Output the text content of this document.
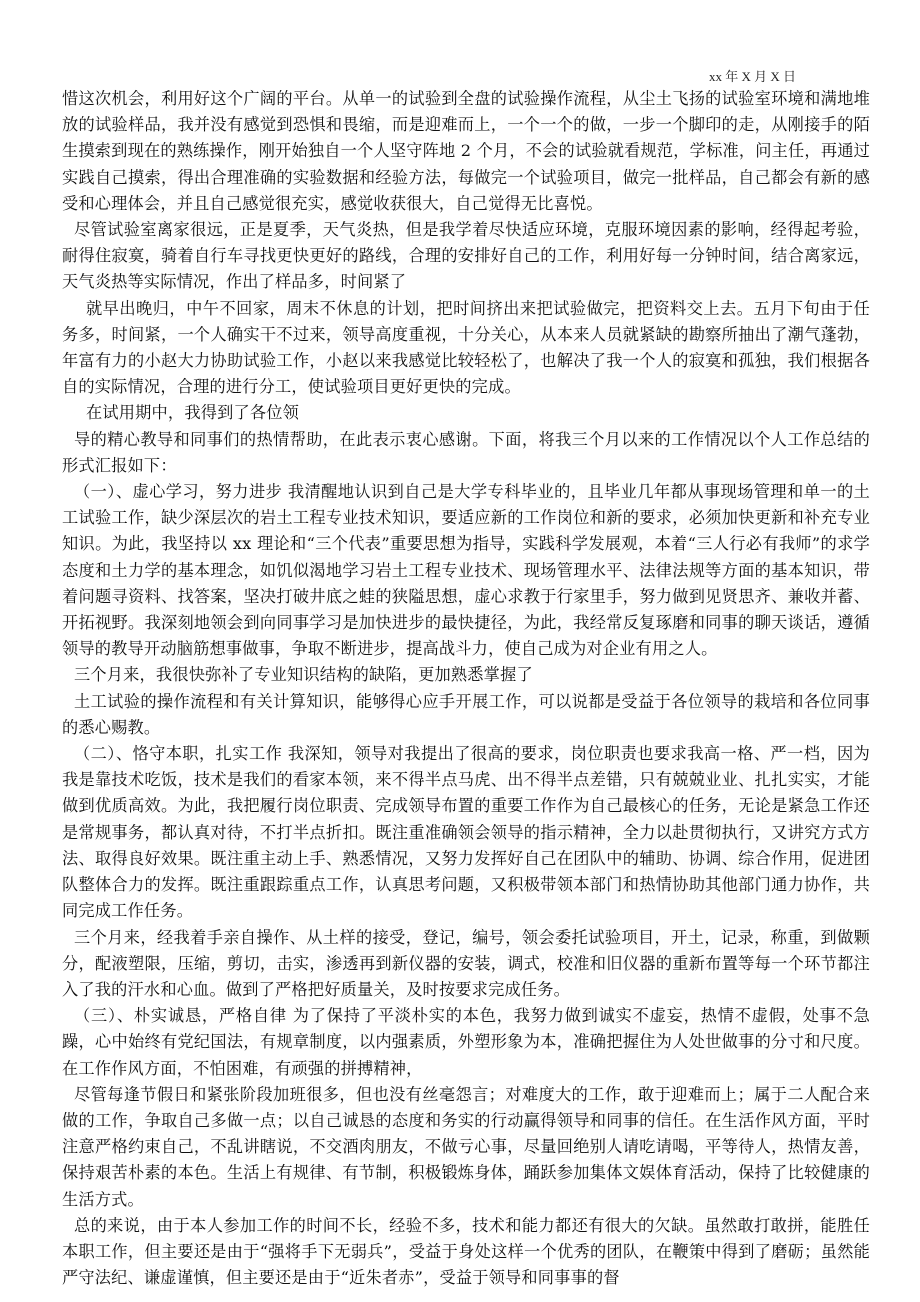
xx 年 X 月 X 日

惜这次机会，利用好这个广阔的平台。从单一的试验到全盘的试验操作流程，从尘土飞扬的试验室环境和满地堆放的试验样品，我并没有感觉到恐惧和畏缩，而是迎难而上，一个一个的做，一步一个脚印的走，从刚接手的陌生摸索到现在的熟练操作，刚开始独自一个人坚守阵地 2 个月，不会的试验就看规范，学标准，问主任，再通过实践自己摸索，得出合理准确的实验数据和经验方法，每做完一个试验项目，做完一批样品，自己都会有新的感受和心理体会，并且自己感觉很充实，感觉收获很大，自己觉得无比喜悦。

尽管试验室离家很远，正是夏季，天气炎热，但是我学着尽快适应环境，克服环境因素的影响，经得起考验，耐得住寂寞，骑着自行车寻找更快更好的路线，合理的安排好自己的工作，利用好每一分钟时间，结合离家远，天气炎热等实际情况，作出了样品多，时间紧了

就早出晚归，中午不回家，周末不休息的计划，把时间挤出来把试验做完，把资料交上去。五月下旬由于任务多，时间紧，一个人确实干不过来，领导高度重视，十分关心，从本来人员就紧缺的勘察所抽出了潮气蓬勃，年富有力的小赵大力协助试验工作，小赵以来我感觉比较轻松了，也解决了我一个人的寂寞和孤独，我们根据各自的实际情况，合理的进行分工，使试验项目更好更快的完成。

在试用期中，我得到了各位领

导的精心教导和同事们的热情帮助，在此表示衷心感谢。下面，将我三个月以来的工作情况以个人工作总结的形式汇报如下：

（一）、虚心学习，努力进步 我清醒地认识到自己是大学专科毕业的，且毕业几年都从事现场管理和单一的土工试验工作，缺少深层次的岩土工程专业技术知识，要适应新的工作岗位和新的要求，必须加快更新和补充专业知识。为此，我坚持以 xx 理论和“三个代表”重要思想为指导，实践科学发展观，本着“三人行必有我师”的求学态度和土力学的基本理念，如饥似渴地学习岩土工程专业技术、现场管理水平、法律法规等方面的基本知识，带着问题寻资料、找答案，坚决打破井底之蛙的狭隘思想，虚心求教于行家里手，努力做到见贤思齐、兼收并蓄、开拓视野。我深刻地领会到向同事学习是加快进步的最快捷径，为此，我经常反复琢磨和同事的聊天谈话，遵循领导的教导开动脑筋想事做事，争取不断进步，提高战斗力，使自己成为对企业有用之人。

三个月来，我很快弥补了专业知识结构的缺陷，更加熟悉掌握了

土工试验的操作流程和有关计算知识，能够得心应手开展工作，可以说都是受益于各位领导的栽培和各位同事的悉心赐教。

（二）、恪守本职，扎实工作 我深知，领导对我提出了很高的要求，岗位职责也要求我高一格、严一档，因为我是靠技术吃饭，技术是我们的看家本领，来不得半点马虎、出不得半点差错，只有兢兢业业、扎扎实实，才能做到优质高效。为此，我把履行岗位职责、完成领导布置的重要工作作为自己最核心的任务，无论是紧急工作还是常规事务，都认真对待，不打半点折扣。既注重准确领会领导的指示精神，全力以赴贯彻执行，又讲究方式方法、取得良好效果。既注重主动上手、熟悉情况，又努力发挥好自己在团队中的辅助、协调、综合作用，促进团队整体合力的发挥。既注重跟踪重点工作，认真思考问题，又积极带领本部门和热情协助其他部门通力协作，共同完成工作任务。

三个月来，经我着手亲自操作、从土样的接受，登记，编号，领会委托试验项目，开土，记录，称重，到做颗分，配液塑限，压缩，剪切，击实，渗透再到新仪器的安装，调式，校准和旧仪器的重新布置等每一个环节都注入了我的汗水和心血。做到了严格把好质量关，及时按要求完成任务。

（三）、朴实诚恳，严格自律 为了保持了平淡朴实的本色，我努力做到诚实不虚妄，热情不虚假，处事不急躁，心中始终有党纪国法，有规章制度，以内强素质，外塑形象为本，准确把握住为人处世做事的分寸和尺度。在工作作风方面，不怕困难，有顽强的拼搏精神，

尽管每逢节假日和紧张阶段加班很多，但也没有丝毫怨言；对难度大的工作，敢于迎难而上；属于二人配合来做的工作，争取自己多做一点；以自己诚恳的态度和务实的行动赢得领导和同事的信任。在生活作风方面，平时注意严格约束自己，不乱讲瞎说，不交酒肉朋友，不做亏心事，尽量回绝别人请吃请喝，平等待人，热情友善，保持艰苦朴素的本色。生活上有规律、有节制，积极锻炼身体，踊跃参加集体文娱体育活动，保持了比较健康的生活方式。

总的来说，由于本人参加工作的时间不长，经验不多，技术和能力都还有很大的欠缺。虽然敢打敢拼，能胜任本职工作，但主要还是由于“强将手下无弱兵”，受益于身处这样一个优秀的团队，在鞭策中得到了磨砺；虽然能严守法纪、谦虚谨慎，但主要还是由于“近朱者赤”，受益于领导和同事事的督
